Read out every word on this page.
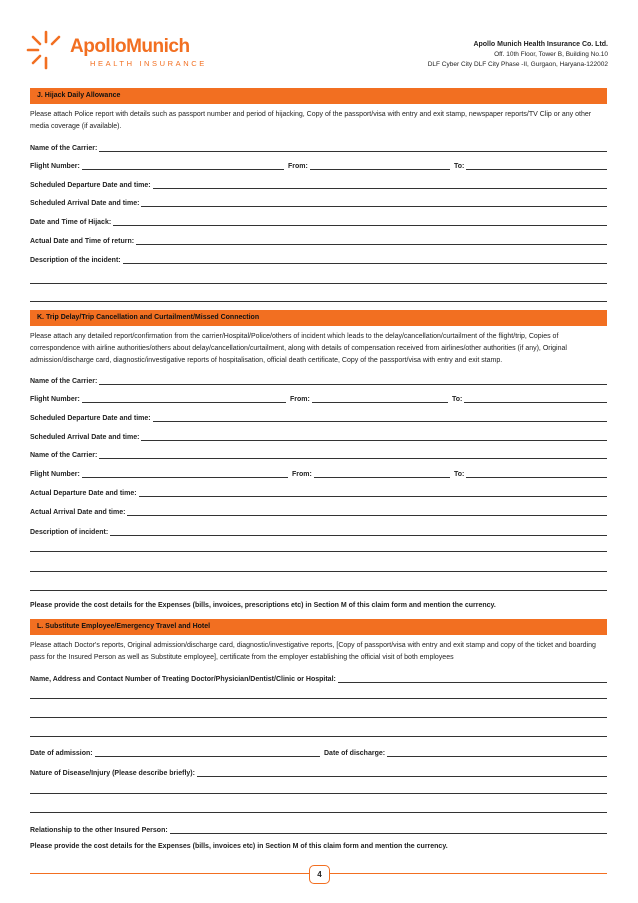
ApolloMunich
HEALTH INSURANCE
Apollo Munich Health Insurance Co. Ltd.
Off. 10th Floor, Tower B, Building No.10
DLF Cyber City DLF City Phase -II, Gurgaon, Haryana-122002
J. Hijack Daily Allowance
Please attach Police report with details such as passport number and period of hijacking, Copy of the passport/visa with entry and exit stamp, newspaper reports/TV Clip or any other media coverage (if available).
Name of the Carrier:
Flight Number:	From:	To:
Scheduled Departure Date and time:
Scheduled Arrival Date and time:
Date and Time of Hijack:
Actual Date and Time of return:
Description of the incident:
K. Trip Delay/Trip Cancellation and Curtailment/Missed Connection
Please attach any detailed report/confirmation from the carrier/Hospital/Police/others of incident which leads to the delay/cancellation/curtailment of the flight/trip, Copies of correspondence with airline authorities/others about delay/cancellation/curtailment, along with details of compensation received from airlines/other authorities (if any), Original admission/discharge card, diagnostic/investigative reports of hospitalisation, official death certificate, Copy of the passport/visa with entry and exit stamp.
Name of the Carrier:
Flight Number:	From:	To:
Scheduled Departure Date and time:
Scheduled Arrival Date and time:
Name of the Carrier:
Flight Number:	From:	To:
Actual Departure Date and time:
Actual Arrival Date and time:
Description of incident:
Please provide the cost details for the Expenses (bills, invoices, prescriptions etc) in Section M of this claim form and mention the currency.
L. Substitute Employee/Emergency Travel and Hotel
Please attach Doctor's reports, Original admission/discharge card, diagnostic/investigative reports, [Copy of passport/visa with entry and exit stamp and copy of the ticket and boarding pass for the Insured Person as well as Substitute employee], certificate from the employer establishing the official visit of both employees
Name, Address and Contact Number of Treating Doctor/Physician/Dentist/Clinic or Hospital:
Date of admission:	Date of discharge:
Nature of Disease/Injury (Please describe briefly):
Relationship to the other Insured Person:
Please provide the cost details for the Expenses (bills, invoices etc) in Section M of this claim form and mention the currency.
4
